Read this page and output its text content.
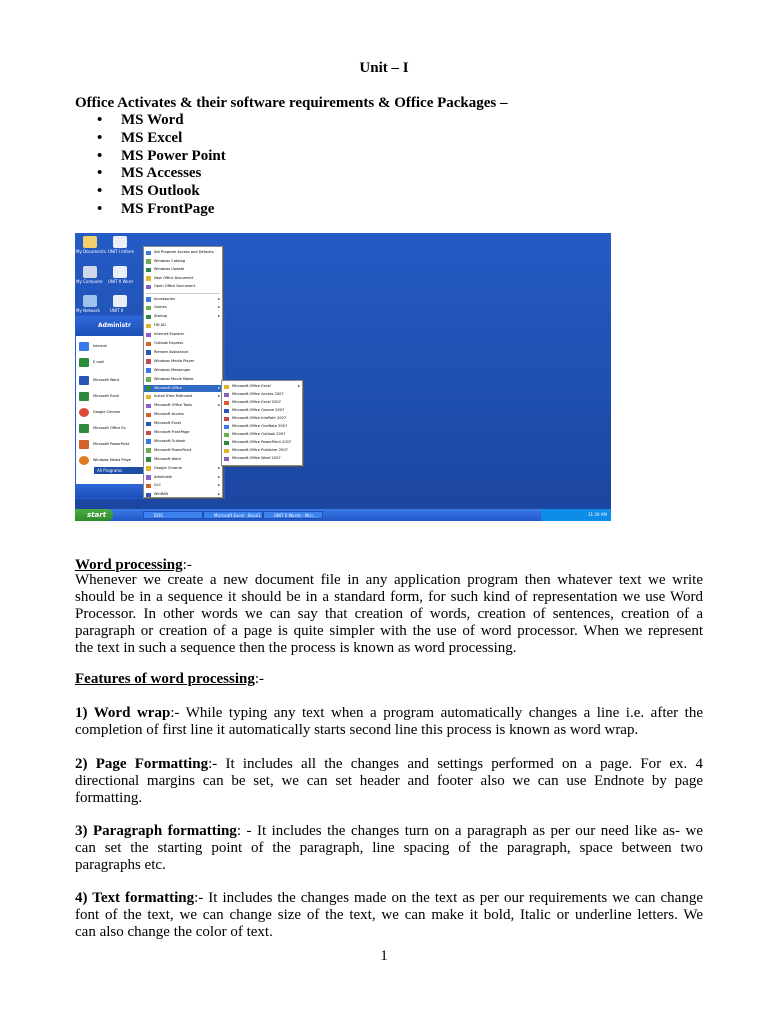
Unit – I
Office Activates & their software requirements & Office Packages –
• MS Word
• MS Excel
• MS Power Point
• MS Accesses
• MS Outlook
• MS FrontPage
My Documents UNIT I Inform
My Computer UNIT II Word
My Network	UNIT II
Administr
Internet
E-mail
Microsoft Word
Microsoft Excel
Google Chrome
Microsoft Office Ex
Microsoft PowerPoint
Windows Media Playe
All Programs
Set Program Access and Defaults
Windows Catalog
Windows Update
New Office Document
Open Office Document
Accessories	▸
Games	▸
Startup	▸
HD AD
Internet Explorer
Outlook Express
Remote Assistance
Windows Media Player
Windows Messenger
Windows Movie Maker
Microsoft Office	▸
Install iFree KidInvest	▸
Microsoft Office Tools	▸
Microsoft Access
Microsoft Excel
Microsoft FrontPage
Microsoft Outlook
Microsoft PowerPoint
Microsoft Word
Google Chrome	▸
Adminible	▸
VLC	▸
WinRAR	▸
Microsoft Office Excel	▸
Microsoft Office Access 2007
Microsoft Office Excel 2007
Microsoft Office Groove 2007
Microsoft Office InfoPath 2007
Microsoft Office OneNote 2007
Microsoft Office Outlook 2007
Microsoft Office PowerPoint 2007
Microsoft Office Publisher 2007
Microsoft Office Word 2007
start	DOS	Microsoft Excel - Book1	UNIT II Words - Micr...	11:26 AM
Word processing:-
Whenever we create a new document file in any application program then whatever text we write
should be in a sequence it should be in a standard form, for such kind of representation we use Word
Processor. In other words we can say that creation of words, creation of sentences, creation of a
paragraph or creation of a page is quite simpler with the use of word processor. When we represent
the text in such a sequence then the process is known as word processing.
Features of word processing:-
1) Word wrap:- While typing any text when a program automatically changes a line i.e. after the
completion of first line it automatically starts second line this process is known as word wrap.
2) Page Formatting:- It includes all the changes and settings performed on a page. For ex. 4
directional margins can be set, we can set header and footer also we can use Endnote by page
formatting.
3) Paragraph formatting: - It includes the changes turn on a paragraph as per our need like as- we
can set the starting point of the paragraph, line spacing of the paragraph, space between two
paragraphs etc.
4) Text formatting:- It includes the changes made on the text as per our requirements we can change
font of the text, we can change size of the text, we can make it bold, Italic or underline letters. We
can also change the color of text.
1
